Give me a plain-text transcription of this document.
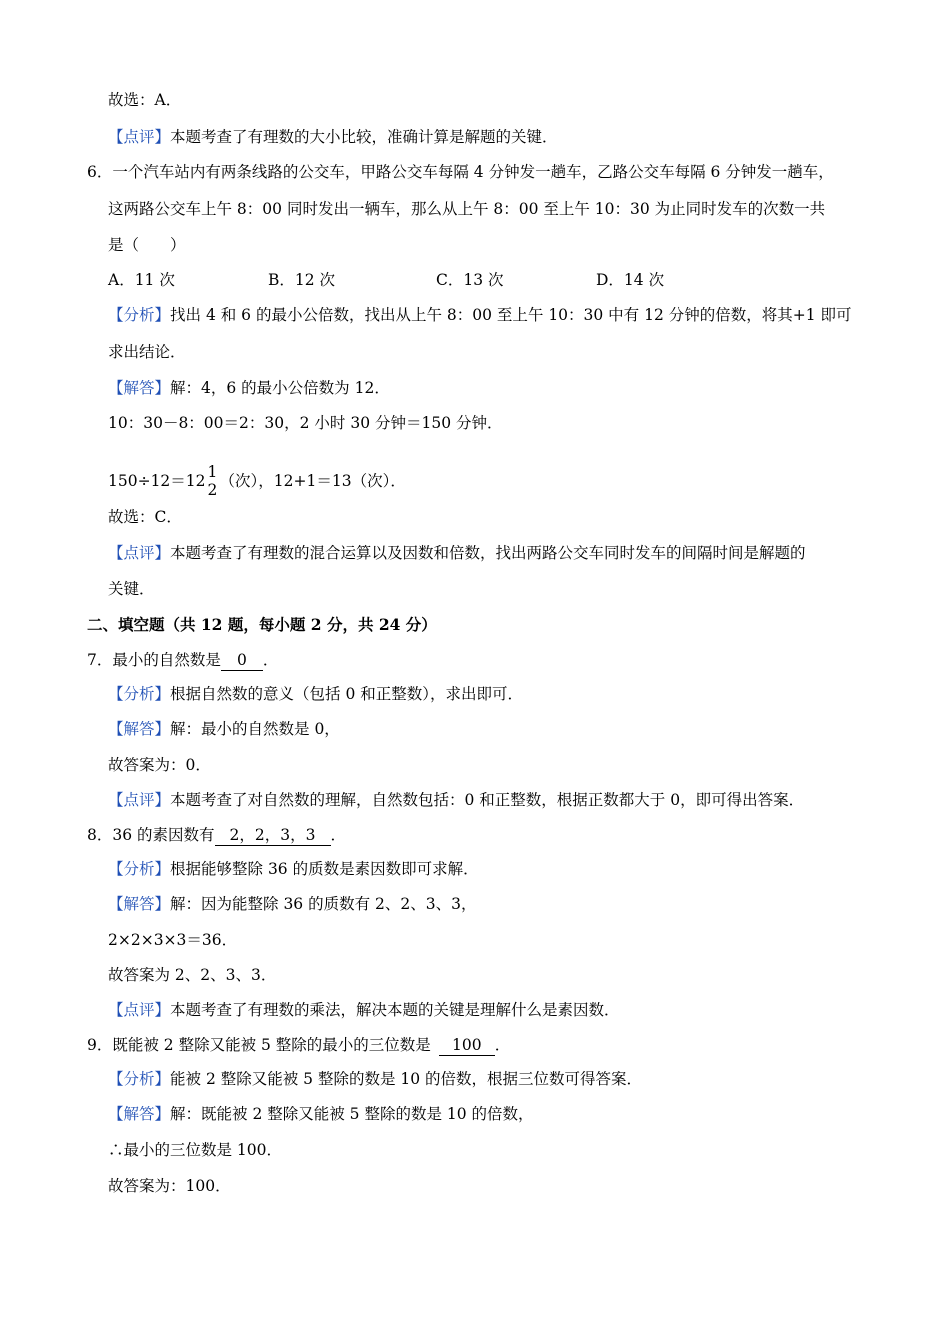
故选：A．
【点评】本题考查了有理数的大小比较，准确计算是解题的关键．
6．一个汽车站内有两条线路的公交车，甲路公交车每隔 4 分钟发一趟车，乙路公交车每隔 6 分钟发一趟车，
这两路公交车上午 8：00 同时发出一辆车，那么从上午 8：00 至上午 10：30 为止同时发车的次数一共
是（　　）
A．11 次	B．12 次	C．13 次	D．14 次
【分析】找出 4 和 6 的最小公倍数，找出从上午 8：00 至上午 10：30 中有 12 分钟的倍数，将其+1 即可
求出结论．
【解答】解：4，6 的最小公倍数为 12．
10：30－8：00＝2：30，2 小时 30 分钟＝150 分钟．
150÷12＝12 1
2 （次），12+1＝13（次）．
故选：C．
【点评】本题考查了有理数的混合运算以及因数和倍数，找出两路公交车同时发车的间隔时间是解题的
关键．
二、填空题（共 12 题，每小题 2 分，共 24 分）
7．最小的自然数是 0 ．
【分析】根据自然数的意义（包括 0 和正整数），求出即可．
【解答】解：最小的自然数是 0，
故答案为：0．
【点评】本题考查了对自然数的理解，自然数包括：0 和正整数，根据正数都大于 0，即可得出答案．
8．36 的素因数有 2，2，3，3 ．
【分析】根据能够整除 36 的质数是素因数即可求解．
【解答】解：因为能整除 36 的质数有 2、2、3、3，
2×2×3×3＝36．
故答案为 2、2、3、3．
【点评】本题考查了有理数的乘法，解决本题的关键是理解什么是素因数．
9．既能被 2 整除又能被 5 整除的最小的三位数是 100 ．
【分析】能被 2 整除又能被 5 整除的数是 10 的倍数，根据三位数可得答案．
【解答】解：既能被 2 整除又能被 5 整除的数是 10 的倍数，
∴最小的三位数是 100．
故答案为：100．
